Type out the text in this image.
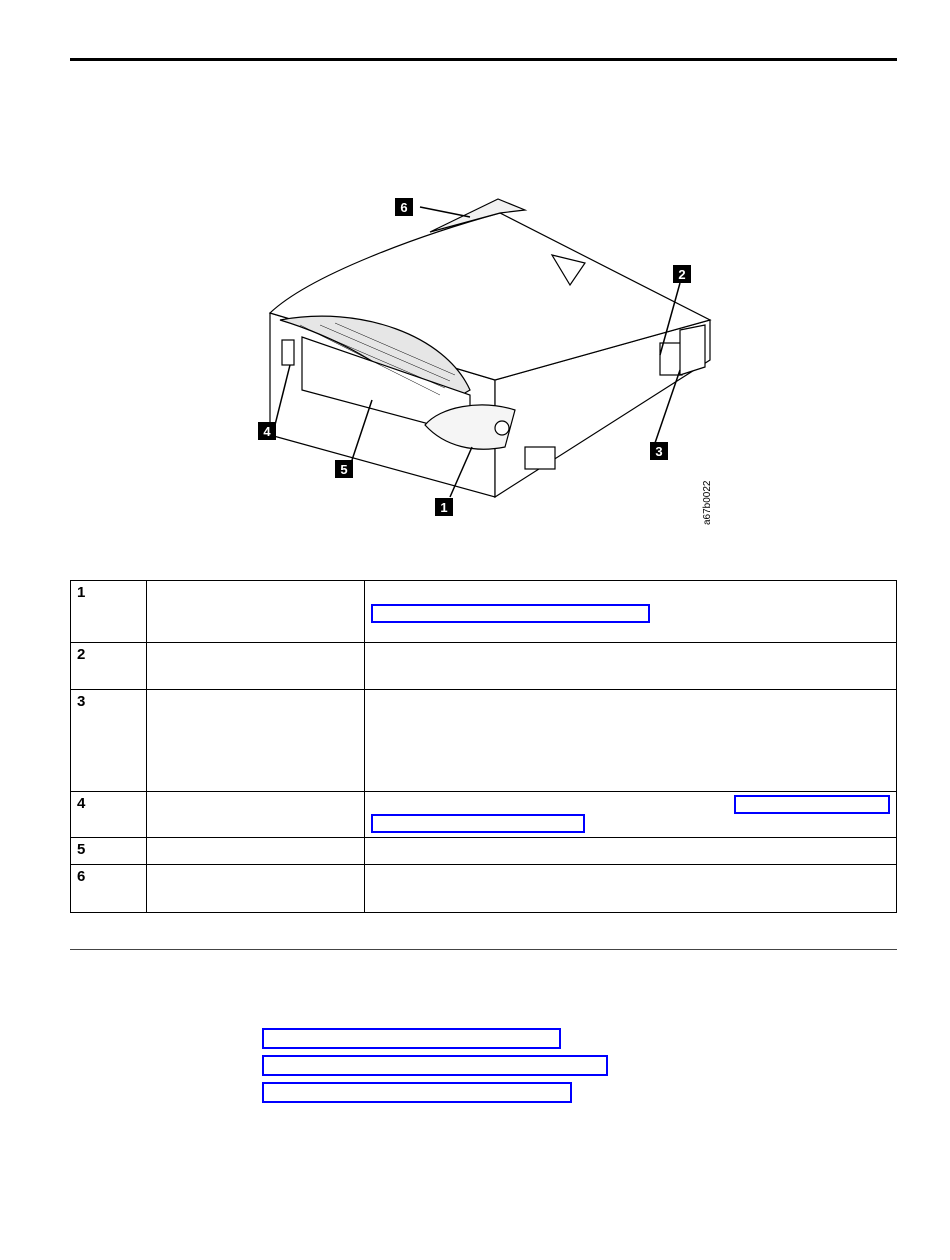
6
2
3
4
5
1	a67b0022
1		

2		
3		
4		

5		
6		
